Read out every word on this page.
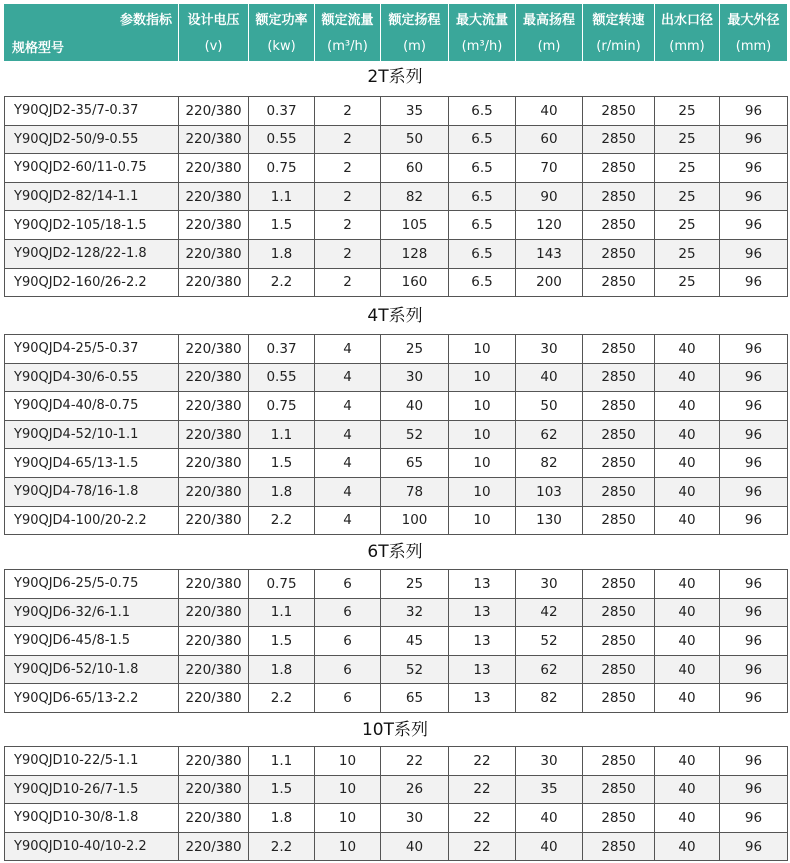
参数指标
规格型号	设计电压	额定功率	额定流量	额定扬程	最大流量	最高扬程	额定转速	出水口径	最大外径
	(v)	(kw)	(m³/h)	(m)	(m³/h)	(m)	(r/min)	(mm)	(mm)
2T系列
Y90QJD2-35/7-0.37	220/380	0.37	2	35	6.5	40	2850	25	96
Y90QJD2-50/9-0.55	220/380	0.55	2	50	6.5	60	2850	25	96
Y90QJD2-60/11-0.75	220/380	0.75	2	60	6.5	70	2850	25	96
Y90QJD2-82/14-1.1	220/380	1.1	2	82	6.5	90	2850	25	96
Y90QJD2-105/18-1.5	220/380	1.5	2	105	6.5	120	2850	25	96
Y90QJD2-128/22-1.8	220/380	1.8	2	128	6.5	143	2850	25	96
Y90QJD2-160/26-2.2	220/380	2.2	2	160	6.5	200	2850	25	96
4T系列
Y90QJD4-25/5-0.37	220/380	0.37	4	25	10	30	2850	40	96
Y90QJD4-30/6-0.55	220/380	0.55	4	30	10	40	2850	40	96
Y90QJD4-40/8-0.75	220/380	0.75	4	40	10	50	2850	40	96
Y90QJD4-52/10-1.1	220/380	1.1	4	52	10	62	2850	40	96
Y90QJD4-65/13-1.5	220/380	1.5	4	65	10	82	2850	40	96
Y90QJD4-78/16-1.8	220/380	1.8	4	78	10	103	2850	40	96
Y90QJD4-100/20-2.2	220/380	2.2	4	100	10	130	2850	40	96
6T系列
Y90QJD6-25/5-0.75	220/380	0.75	6	25	13	30	2850	40	96
Y90QJD6-32/6-1.1	220/380	1.1	6	32	13	42	2850	40	96
Y90QJD6-45/8-1.5	220/380	1.5	6	45	13	52	2850	40	96
Y90QJD6-52/10-1.8	220/380	1.8	6	52	13	62	2850	40	96
Y90QJD6-65/13-2.2	220/380	2.2	6	65	13	82	2850	40	96
10T系列
Y90QJD10-22/5-1.1	220/380	1.1	10	22	22	30	2850	40	96
Y90QJD10-26/7-1.5	220/380	1.5	10	26	22	35	2850	40	96
Y90QJD10-30/8-1.8	220/380	1.8	10	30	22	40	2850	40	96
Y90QJD10-40/10-2.2	220/380	2.2	10	40	22	40	2850	40	96
